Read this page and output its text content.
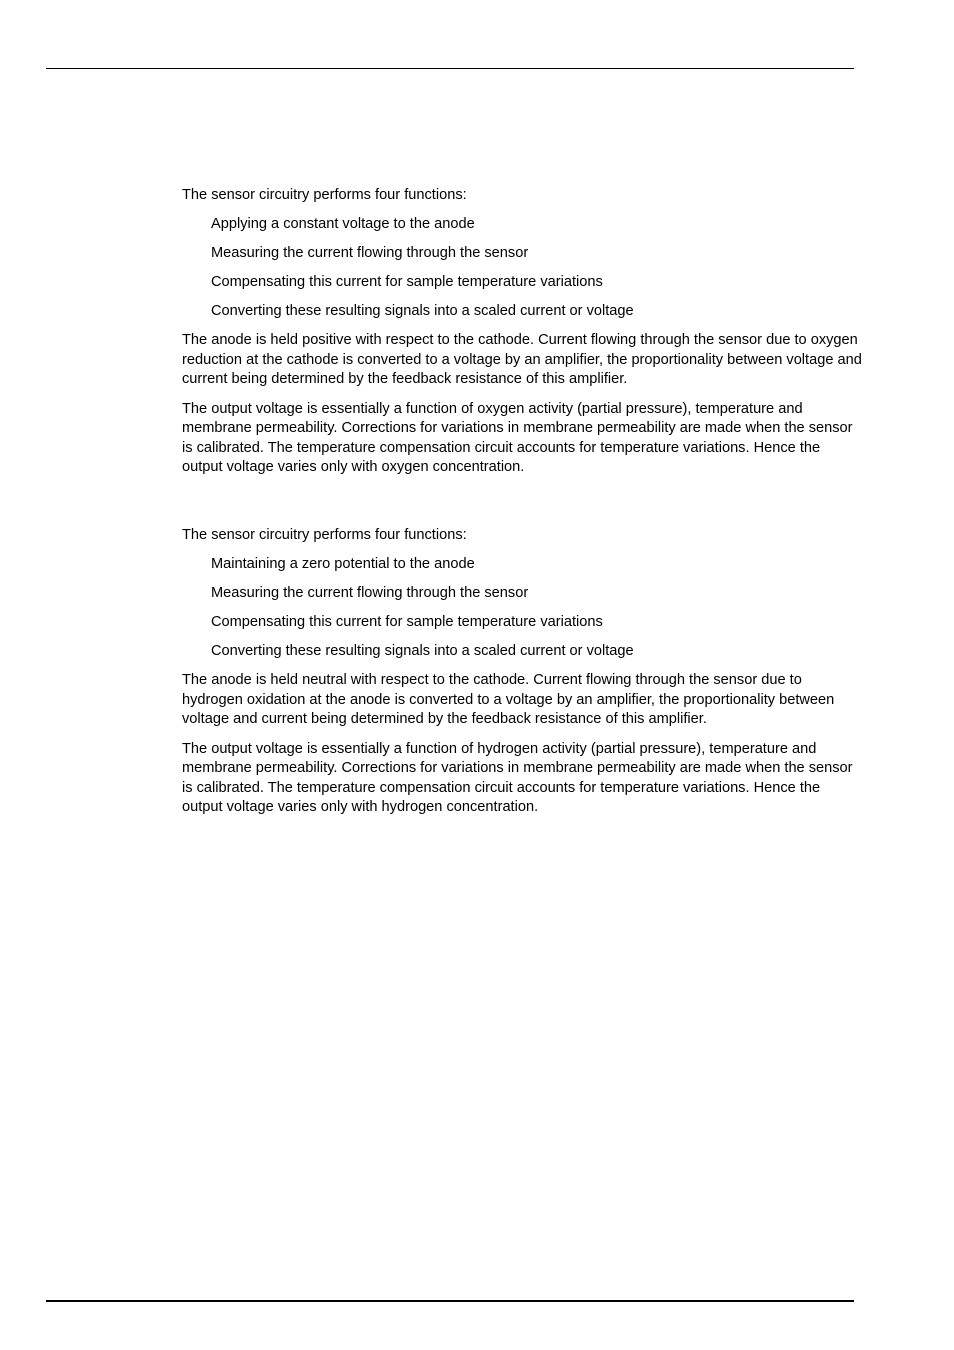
The sensor circuitry performs four functions:

Applying a constant voltage to the anode
Measuring the current flowing through the sensor
Compensating this current for sample temperature variations
Converting these resulting signals into a scaled current or voltage

The anode is held positive with respect to the cathode. Current flowing through the sensor due to oxygen reduction at the cathode is converted to a voltage by an amplifier, the proportionality between voltage and current being determined by the feedback resistance of this amplifier.

The output voltage is essentially a function of oxygen activity (partial pressure), temperature and membrane permeability. Corrections for variations in membrane permeability are made when the sensor is calibrated. The temperature compensation circuit accounts for temperature variations. Hence the output voltage varies only with oxygen concentration.

The sensor circuitry performs four functions:

Maintaining a zero potential to the anode
Measuring the current flowing through the sensor
Compensating this current for sample temperature variations
Converting these resulting signals into a scaled current or voltage

The anode is held neutral with respect to the cathode. Current flowing through the sensor due to hydrogen oxidation at the anode is converted to a voltage by an amplifier, the proportionality between voltage and current being determined by the feedback resistance of this amplifier.

The output voltage is essentially a function of hydrogen activity (partial pressure), temperature and membrane permeability. Corrections for variations in membrane permeability are made when the sensor is calibrated. The temperature compensation circuit accounts for temperature variations. Hence the output voltage varies only with hydrogen concentration.
